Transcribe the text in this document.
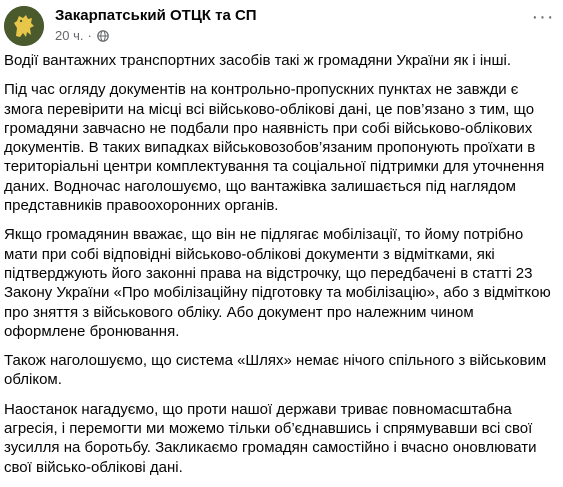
Закарпатський ОТЦК та СП
20 ч. ·
···

Водії вантажних транспортних засобів такі ж громадяни України як і інші.

Під час огляду документів на контрольно-пропускних пунктах не завжди є змога перевірити на місці всі військово-облікові дані, це пов’язано з тим, що громадяни завчасно не подбали про наявність при собі військово-облікових документів. В таких випадках військовозобов’язаним пропонують проїхати в територіальні центри комплектування та соціальної підтримки для уточнення даних. Водночас наголошуємо, що вантажівка залишається під наглядом представників правоохоронних органів.

Якщо громадянин вважає, що він не підлягає мобілізації, то йому потрібно мати при собі відповідні військово-облікові документи з відмітками, які підтверджують його законні права на відстрочку, що передбачені в статті 23 Закону України «Про мобілізаційну підготовку та мобілізацію», або з відміткою про зняття з військового обліку. Або документ про належним чином оформлене бронювання.

Також наголошуємо, що система «Шлях» немає нічого спільного з військовим обліком.

Наостанок нагадуємо, що проти нашої держави триває повномасштабна агресія, і перемогти ми можемо тільки об’єднавшись і спрямувавши всі свої зусилля на боротьбу. Закликаємо громадян самостійно і вчасно оновлювати свої військо-облікові дані.
